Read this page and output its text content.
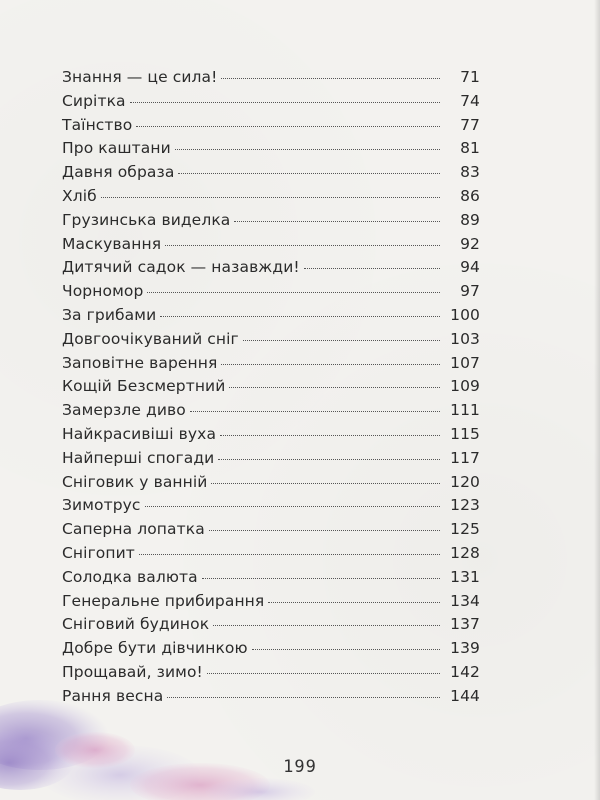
Знання — це сила!	71
Сирітка	74
Таїнство	77
Про каштани	81
Давня образа	83
Хліб	86
Грузинська виделка	89
Маскування	92
Дитячий садок — назавжди!	94
Чорномор	97
За грибами	100
Довгоочікуваний сніг	103
Заповітне варення	107
Кощій Безсмертний	109
Замерзле диво	111
Найкрасивіші вуха	115
Найперші спогади	117
Сніговик у ванній	120
Зимотрус	123
Саперна лопатка	125
Снігопит	128
Солодка валюта	131
Генеральне прибирання	134
Сніговий будинок	137
Добре бути дівчинкою	139
Прощавай, зимо!	142
Рання весна	144
199
